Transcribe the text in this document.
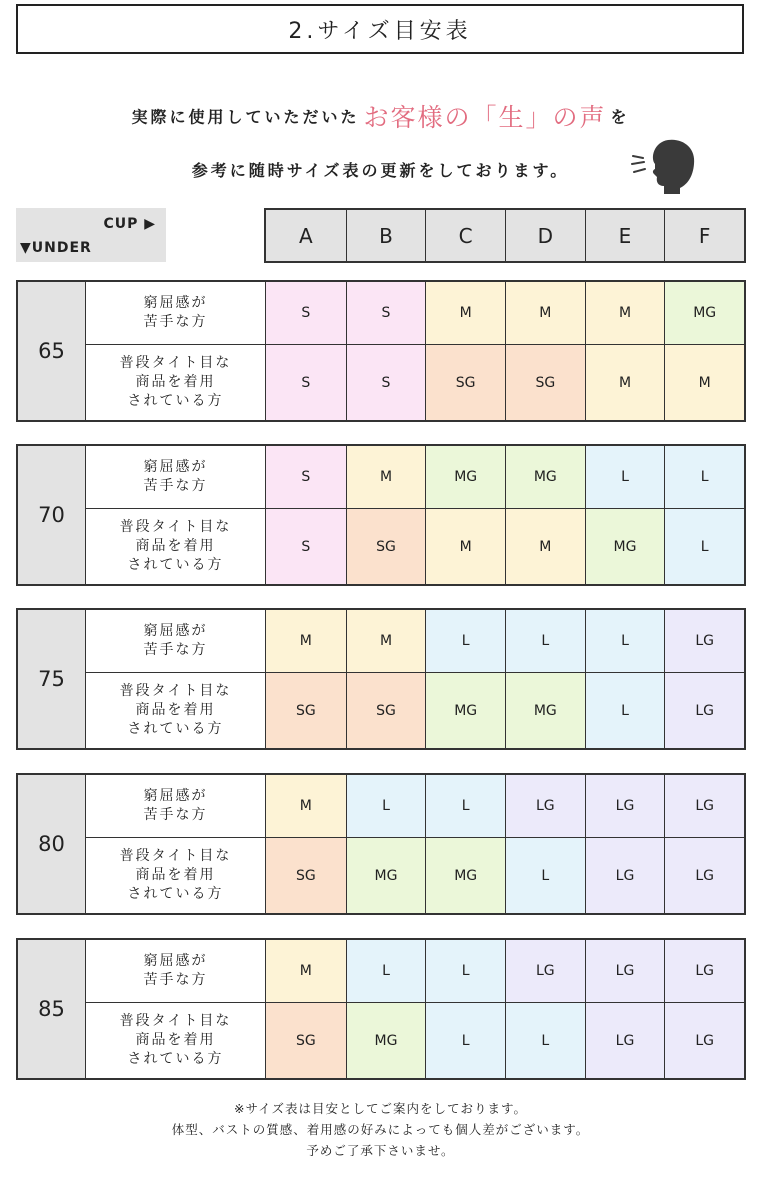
2.サイズ目安表
実際に使用していただいた お客様の「生」の声 を
参考に随時サイズ表の更新をしております。
CUP ▶
▼UNDER
A	B	C	D	E	F
65
窮屈感が
苦手な方
S	S	M	M	M	MG
普段タイト目な
商品を着用
されている方
S	S	SG	SG	M	M
70
窮屈感が
苦手な方
S	M	MG	MG	L	L
普段タイト目な
商品を着用
されている方
S	SG	M	M	MG	L
75
窮屈感が
苦手な方
M	M	L	L	L	LG
普段タイト目な
商品を着用
されている方
SG	SG	MG	MG	L	LG
80
窮屈感が
苦手な方
M	L	L	LG	LG	LG
普段タイト目な
商品を着用
されている方
SG	MG	MG	L	LG	LG
85
窮屈感が
苦手な方
M	L	L	LG	LG	LG
普段タイト目な
商品を着用
されている方
SG	MG	L	L	LG	LG
※サイズ表は目安としてご案内をしております。
体型、バストの質感、着用感の好みによっても個人差がございます。
予めご了承下さいませ。
